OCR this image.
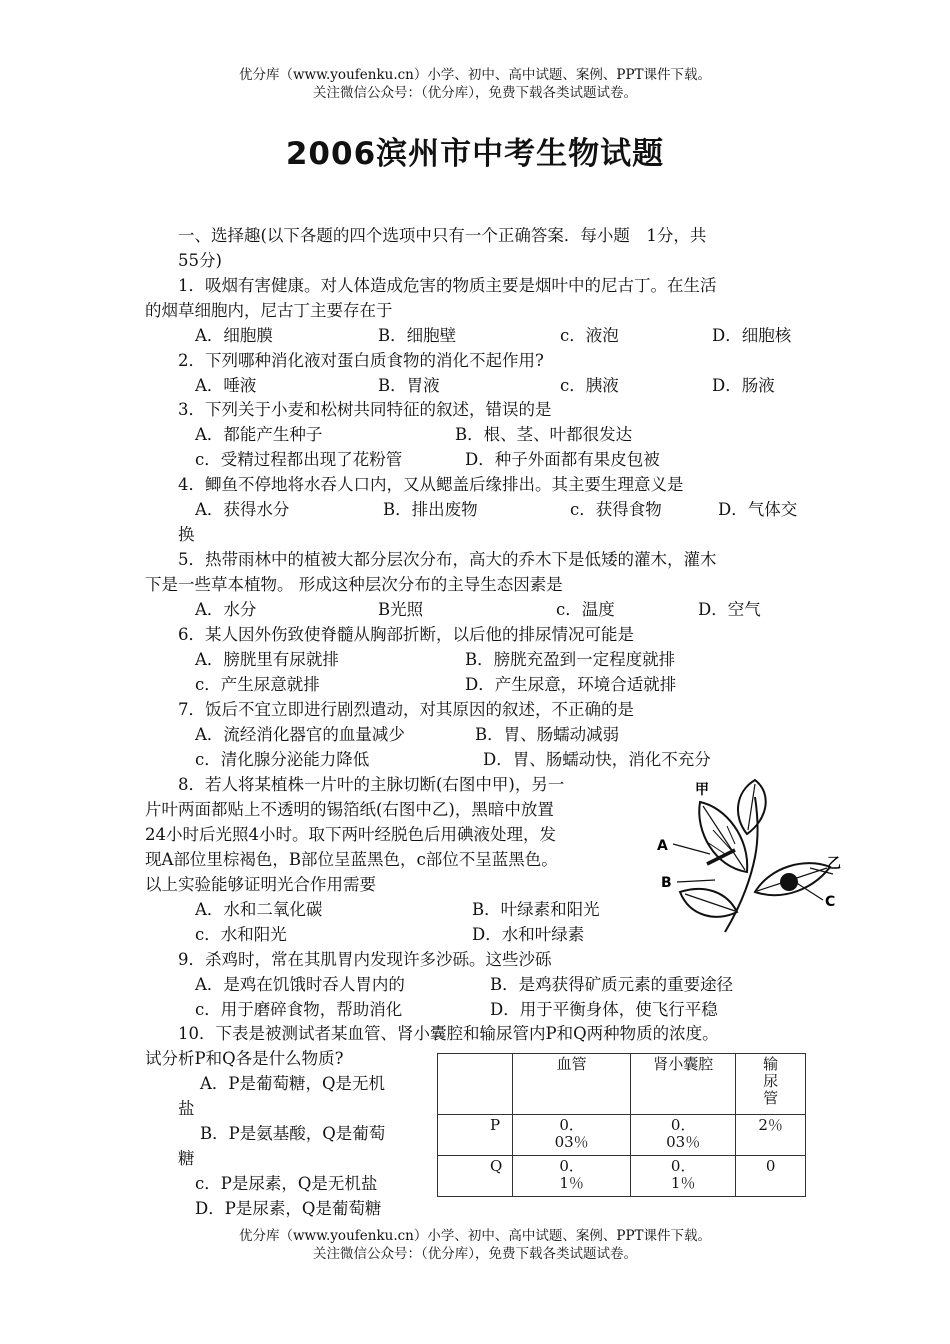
优分库（www.youfenku.cn）小学、初中、高中试题、案例、PPT课件下载。
关注微信公众号：（优分库），免费下载各类试题试卷。
2006滨州市中考生物试题
一、选择趣(以下各题的四个选项中只有一个正确答案．每小题　1分，共
55分)
1．吸烟有害健康。对人体造成危害的物质主要是烟叶中的尼古丁。在生活
的烟草细胞内，尼古丁主要存在于
A．细胞膜	B．细胞壁	c．液泡	D．细胞核
2．下列哪种消化液对蛋白质食物的消化不起作用?
A．唾液	B．胃液	c．胰液	D．肠液
3．下列关于小麦和松树共同特征的叙述，错误的是
A．都能产生种子	B．根、茎、叶都很发达
c．受精过程都出现了花粉管	D．种子外面都有果皮包被
4．鲫鱼不停地将水吞人口内，又从鳃盖后缘排出。其主要生理意义是
A．获得水分	B．排出废物	c．获得食物	D．气体交
换
5．热带雨林中的植被大都分层次分布，高大的乔木下是低矮的灌木，灌木
下是一些草本植物。 形成这种层次分布的主导生态因素是
A．水分	B光照	c．温度	D．空气
6．某人因外伤致使脊髓从胸部折断，以后他的排尿情况可能是
A．膀胱里有尿就排	B．膀胱充盈到一定程度就排
c．产生尿意就排	D．产生尿意，环境合适就排
7．饭后不宜立即进行剧烈遣动，对其原因的叙述，不正确的是
A．流经消化器官的血量减少	B．胃、肠蠕动减弱
c．清化腺分泌能力降低	D．胃、肠蠕动快，消化不充分
8．若人将某植株一片叶的主脉切断(右图中甲)，另一
片叶两面都贴上不透明的锡箔纸(右图中乙)，黑暗中放置
24小时后光照4小时。取下两叶经脱色后用碘液处理，发
现A部位里棕褐色，B部位呈蓝黑色，c部位不呈蓝黑色。
以上实验能够证明光合作用需要
A．水和二氧化碳	B．叶绿素和阳光
c．水和阳光	D．水和叶绿素
甲
A
B
乙
C
9．杀鸡时，常在其肌胃内发现许多沙砾。这些沙砾
A．是鸡在饥饿时吞人胃内的	B．是鸡获得矿质元素的重要途径
c．用于磨碎食物，帮助消化	D．用于平衡身体，使飞行平稳
10．下表是被测试者某血管、肾小囊腔和输尿管内P和Q两种物质的浓度。
试分析P和Q各是什么物质?
A．P是葡萄糖，Q是无机
盐
B．P是氨基酸，Q是葡萄
糖
c．P是尿素，Q是无机盐
D．P是尿素，Q是葡萄糖
	血管	肾小囊腔	输尿管
P	0．03％	0．03％	2％
Q	0．1％	0．1％	0
优分库（www.youfenku.cn）小学、初中、高中试题、案例、PPT课件下载。
关注微信公众号：（优分库），免费下载各类试题试卷。
